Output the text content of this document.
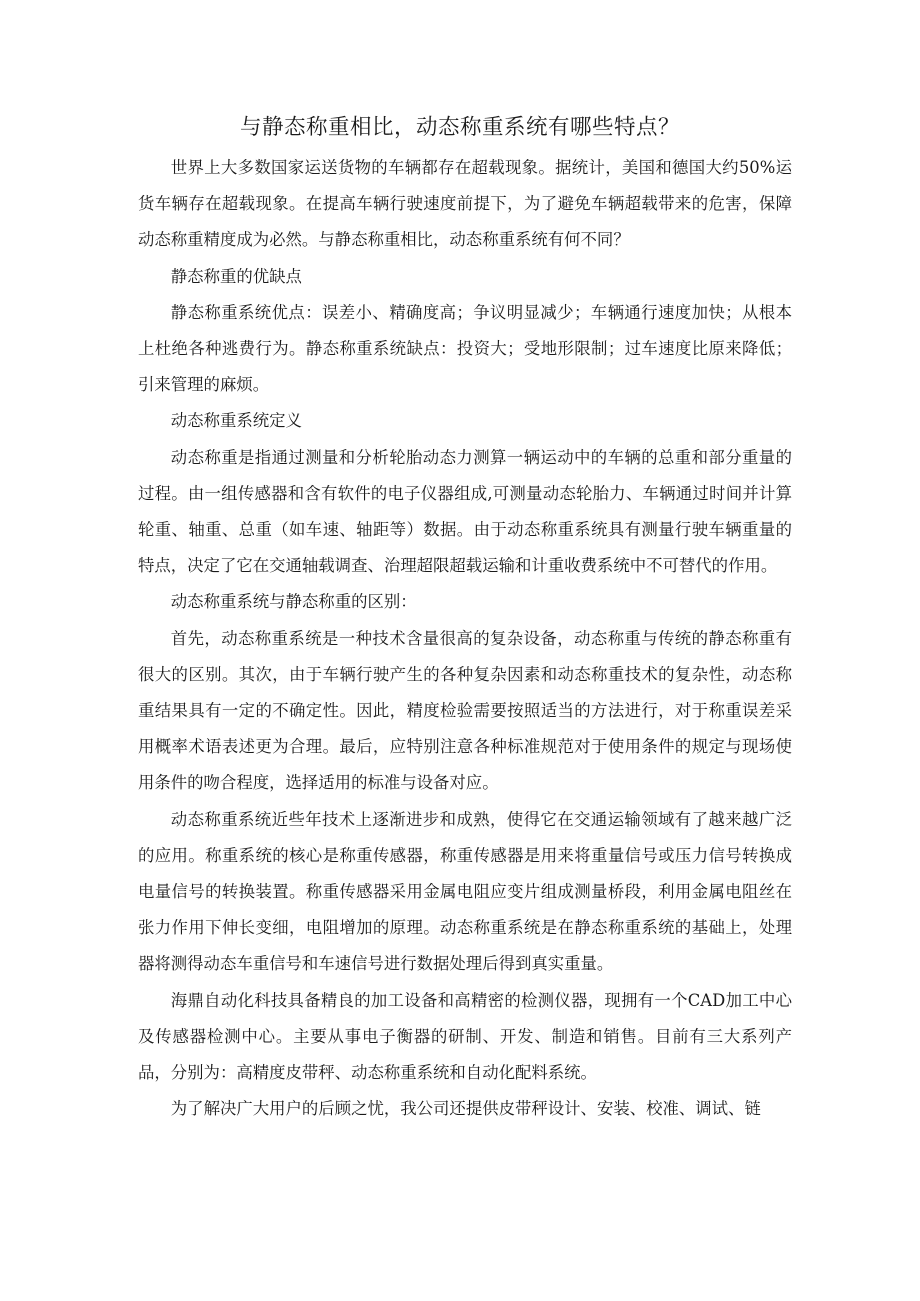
与静态称重相比，动态称重系统有哪些特点？

世界上大多数国家运送货物的车辆都存在超载现象。据统计，美国和德国大约50%运货车辆存在超载现象。在提高车辆行驶速度前提下，为了避免车辆超载带来的危害，保障动态称重精度成为必然。与静态称重相比，动态称重系统有何不同？

静态称重的优缺点

静态称重系统优点：误差小、精确度高；争议明显减少；车辆通行速度加快；从根本上杜绝各种逃费行为。静态称重系统缺点：投资大；受地形限制；过车速度比原来降低；引来管理的麻烦。

动态称重系统定义

动态称重是指通过测量和分析轮胎动态力测算一辆运动中的车辆的总重和部分重量的过程。由一组传感器和含有软件的电子仪器组成,可测量动态轮胎力、车辆通过时间并计算轮重、轴重、总重（如车速、轴距等）数据。由于动态称重系统具有测量行驶车辆重量的特点，决定了它在交通轴载调查、治理超限超载运输和计重收费系统中不可替代的作用。

动态称重系统与静态称重的区别：

首先，动态称重系统是一种技术含量很高的复杂设备，动态称重与传统的静态称重有很大的区别。其次，由于车辆行驶产生的各种复杂因素和动态称重技术的复杂性，动态称重结果具有一定的不确定性。因此，精度检验需要按照适当的方法进行，对于称重误差采用概率术语表述更为合理。最后，应特别注意各种标准规范对于使用条件的规定与现场使用条件的吻合程度，选择适用的标准与设备对应。

动态称重系统近些年技术上逐渐进步和成熟，使得它在交通运输领域有了越来越广泛的应用。称重系统的核心是称重传感器，称重传感器是用来将重量信号或压力信号转换成电量信号的转换装置。称重传感器采用金属电阻应变片组成测量桥段，利用金属电阻丝在张力作用下伸长变细，电阻增加的原理。动态称重系统是在静态称重系统的基础上，处理器将测得动态车重信号和车速信号进行数据处理后得到真实重量。

海鼎自动化科技具备精良的加工设备和高精密的检测仪器，现拥有一个CAD加工中心及传感器检测中心。主要从事电子衡器的研制、开发、制造和销售。目前有三大系列产品，分别为：高精度皮带秤、动态称重系统和自动化配料系统。

为了解决广大用户的后顾之忧，我公司还提供皮带秤设计、安装、校准、调试、链
